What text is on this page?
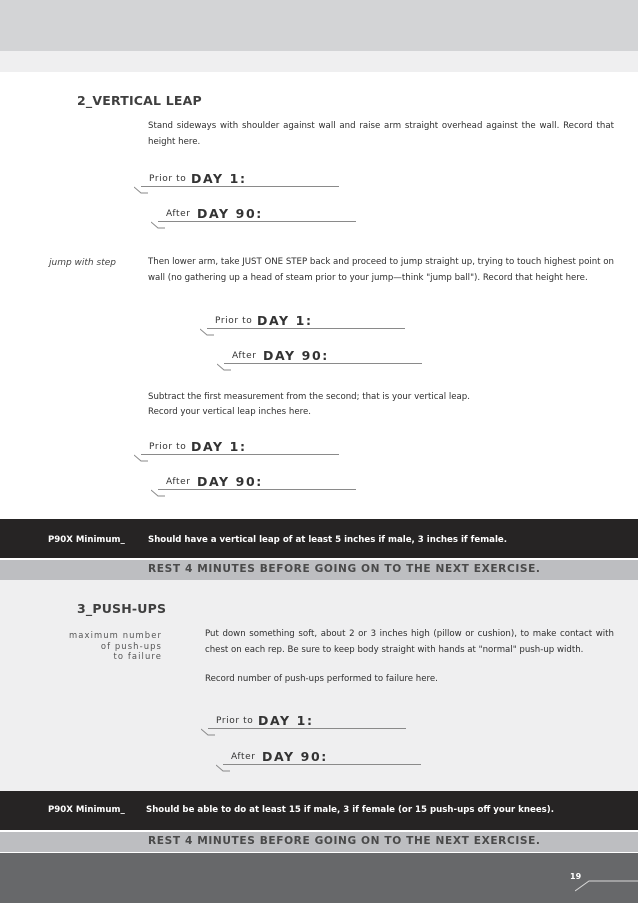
2_VERTICAL LEAP
Stand sideways with shoulder against wall and raise arm straight overhead against the wall. Record that height here.
Prior to DAY 1:
After DAY 90:
jump with step	Then lower arm, take JUST ONE STEP back and proceed to jump straight up, trying to touch highest point on wall (no gathering up a head of steam prior to your jump—think "jump ball"). Record that height here.
Prior to DAY 1:
After DAY 90:
Subtract the first measurement from the second; that is your vertical leap.
Record your vertical leap inches here.
Prior to DAY 1:
After DAY 90:
P90X Minimum_	Should have a vertical leap of at least 5 inches if male, 3 inches if female.
REST 4 MINUTES BEFORE GOING ON TO THE NEXT EXERCISE.
3_PUSH-UPS
maximum number
of push-ups
to failure
Put down something soft, about 2 or 3 inches high (pillow or cushion), to make contact with chest on each rep. Be sure to keep body straight with hands at "normal" push-up width.
Record number of push-ups performed to failure here.
Prior to DAY 1:
After DAY 90:
P90X Minimum_ Should be able to do at least 15 if male, 3 if female (or 15 push-ups off your knees).
REST 4 MINUTES BEFORE GOING ON TO THE NEXT EXERCISE.
19
